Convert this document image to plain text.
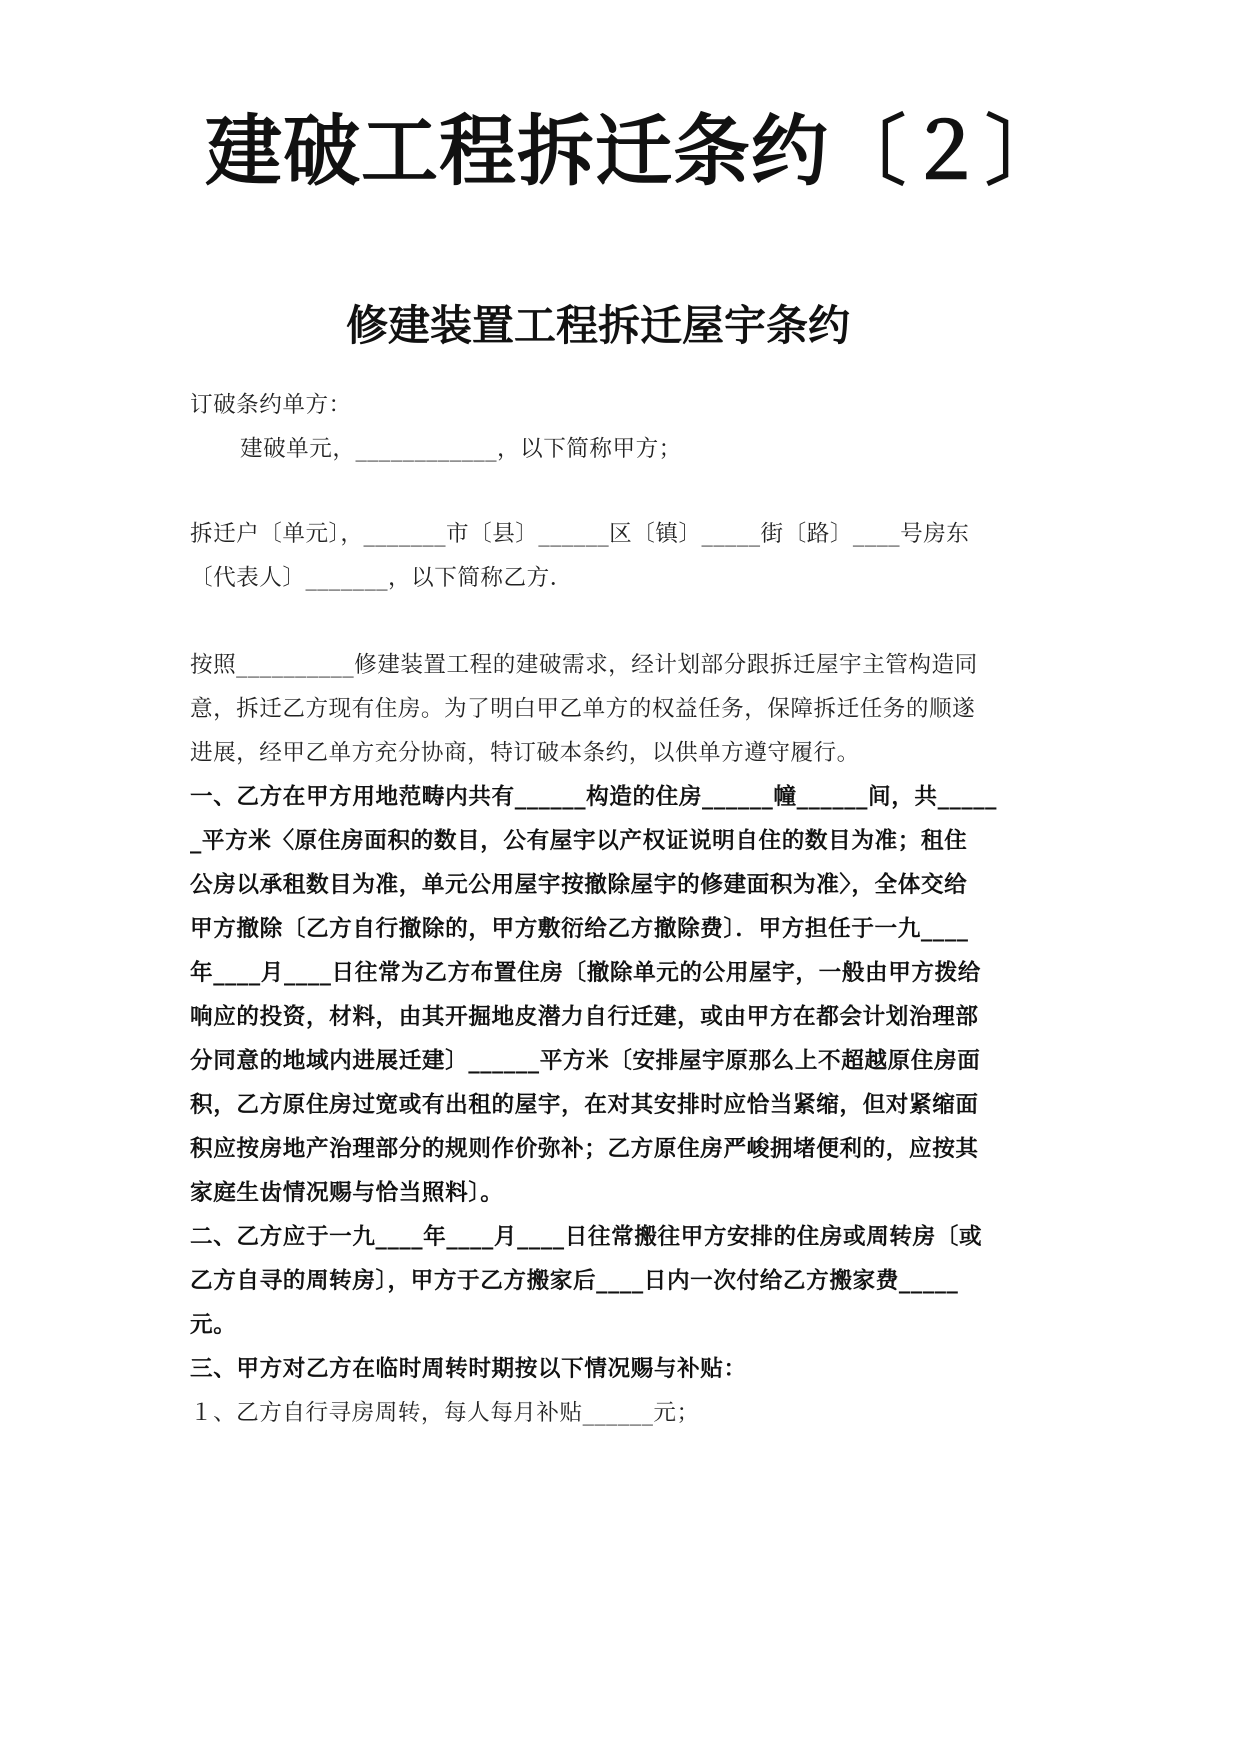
建破工程拆迁条约〔２〕
修建装置工程拆迁屋宇条约

订破条约单方：

建破单元，____________，以下简称甲方；

拆迁户〔单元〕，_______市〔县〕______区〔镇〕_____街〔路〕____号房东

〔代表人〕_______，以下简称乙方．

按照__________修建装置工程的建破需求，经计划部分跟拆迁屋宇主管构造同

意，拆迁乙方现有住房。为了明白甲乙单方的权益任务，保障拆迁任务的顺遂

进展，经甲乙单方充分协商，特订破本条约，以供单方遵守履行。

一、乙方在甲方用地范畴内共有______构造的住房______幢______间，共_____

_平方米〈原住房面积的数目，公有屋宇以产权证说明自住的数目为准；租住

公房以承租数目为准，单元公用屋宇按撤除屋宇的修建面积为准〉，全体交给

甲方撤除〔乙方自行撤除的，甲方敷衍给乙方撤除费〕．甲方担任于一九____

年____月____日往常为乙方布置住房〔撤除单元的公用屋宇，一般由甲方拨给

响应的投资，材料，由其开掘地皮潜力自行迁建，或由甲方在都会计划治理部

分同意的地域内进展迁建〕______平方米〔安排屋宇原那么上不超越原住房面

积，乙方原住房过宽或有出租的屋宇，在对其安排时应恰当紧缩，但对紧缩面

积应按房地产治理部分的规则作价弥补；乙方原住房严峻拥堵便利的，应按其

家庭生齿情况赐与恰当照料〕。

二、乙方应于一九____年____月____日往常搬往甲方安排的住房或周转房〔或

乙方自寻的周转房〕，甲方于乙方搬家后____日内一次付给乙方搬家费_____

元。

三、甲方对乙方在临时周转时期按以下情况赐与补贴：

１、乙方自行寻房周转，每人每月补贴______元；
